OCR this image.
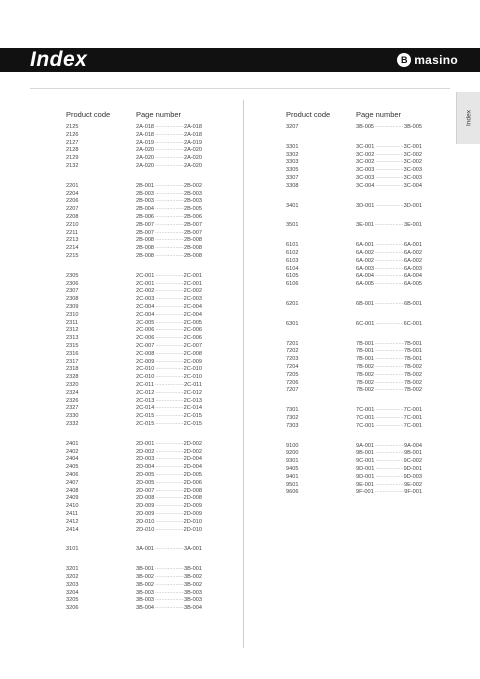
Index	B masino
Index
Product code	Page number
2125	2A-018 ·····	2A-018
2126	2A-018 ·····	2A-018
2127	2A-019 ·····	2A-019
2128	2A-020 ·····	2A-020
2129	2A-020 ·····	2A-020
2132	2A-020 ·····	2A-020
2201	2B-001 ·····	2B-002
2204	2B-003 ·····	2B-003
2206	2B-003 ·····	2B-003
2207	2B-004 ·····	2B-005
2208	2B-006 ·····	2B-006
2210	2B-007 ·····	2B-007
2211	2B-007 ·····	2B-007
2213	2B-008 ·····	2B-008
2214	2B-008 ·····	2B-008
2215	2B-008 ·····	2B-008
2305	2C-001 ·····	2C-001
2306	2C-001 ·····	2C-001
2307	2C-002 ·····	2C-002
2308	2C-003 ·····	2C-003
2309	2C-004 ·····	2C-004
2310	2C-004 ·····	2C-004
2311	2C-005 ·····	2C-005
2312	2C-006 ·····	2C-006
2313	2C-006 ·····	2C-006
2315	2C-007 ·····	2C-007
2316	2C-008 ·····	2C-008
2317	2C-009 ·····	2C-009
2318	2C-010 ·····	2C-010
2328	2C-010 ·····	2C-010
2320	2C-011 ·····	2C-011
2324	2C-012 ·····	2C-012
2326	2C-013 ·····	2C-013
2327	2C-014 ·····	2C-014
2330	2C-015 ·····	2C-015
2332	2C-015 ·····	2C-015
2401	2D-001 ·····	2D-002
2402	2D-002 ·····	2D-002
2404	2D-003 ·····	2D-004
2405	2D-004 ·····	2D-004
2406	2D-005 ·····	2D-005
2407	2D-005 ·····	2D-006
2408	2D-007 ·····	2D-008
2409	2D-008 ·····	2D-008
2410	2D-009 ·····	2D-009
2411	2D-009 ·····	2D-009
2412	2D-010 ·····	2D-010
2414	2D-010 ·····	2D-010
3101	3A-001 ·····	3A-001
3201	3B-001 ·····	3B-001
3202	3B-002 ·····	3B-002
3203	3B-002 ·····	3B-002
3204	3B-003 ·····	3B-003
3205	3B-003 ·····	3B-003
3206	3B-004 ·····	3B-004
Product code	Page number
3207	3B-005 ·····	3B-005
3301	3C-001 ·····	3C-001
3302	3C-002 ·····	3C-002
3303	3C-002 ·····	3C-002
3305	3C-003 ·····	3C-003
3307	3C-003 ·····	3C-003
3308	3C-004 ·····	3C-004
3401	3D-001 ·····	3D-001
3501	3E-001 ·····	3E-001
6101	6A-001 ·····	6A-001
6102	6A-002 ·····	6A-002
6103	6A-002 ·····	6A-002
6104	6A-003 ·····	6A-003
6105	6A-004 ·····	6A-004
6106	6A-005 ·····	6A-005
6201	6B-001 ·····	6B-001
6301	6C-001 ·····	6C-001
7201	7B-001 ·····	7B-001
7202	7B-001 ·····	7B-001
7203	7B-001 ·····	7B-001
7204	7B-002 ·····	7B-002
7205	7B-002 ·····	7B-002
7206	7B-002 ·····	7B-002
7207	7B-002 ·····	7B-002
7301	7C-001 ·····	7C-001
7302	7C-001 ·····	7C-001
7303	7C-001 ·····	7C-001
9100	9A-001 ·····	9A-004
9200	9B-001 ·····	9B-001
9301	9C-001 ·····	9C-002
9405	9D-001 ·····	9D-001
9401	9D-001 ·····	9D-003
9501	9E-001 ·····	9E-002
9606	9F-001 ·····	9F-001
